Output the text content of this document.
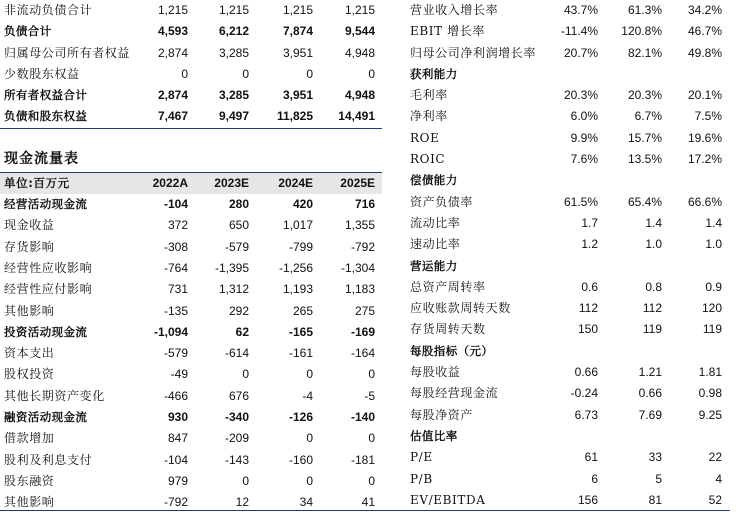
非流动负债合计	1,215	1,215	1,215	1,215
负债合计	4,593	6,212	7,874	9,544
归属母公司所有者权益	2,874	3,285	3,951	4,948
少数股东权益	0	0	0	0
所有者权益合计	2,874	3,285	3,951	4,948
负债和股东权益	7,467	9,497	11,825	14,491
现金流量表
单位:百万元	2022A	2023E	2024E	2025E
经营活动现金流	-104	280	420	716
现金收益	372	650	1,017	1,355
存货影响	-308	-579	-799	-792
经营性应收影响	-764	-1,395	-1,256	-1,304
经营性应付影响	731	1,312	1,193	1,183
其他影响	-135	292	265	275
投资活动现金流	-1,094	62	-165	-169
资本支出	-579	-614	-161	-164
股权投资	-49	0	0	0
其他长期资产变化	-466	676	-4	-5
融资活动现金流	930	-340	-126	-140
借款增加	847	-209	0	0
股利及利息支付	-104	-143	-160	-181
股东融资	979	0	0	0
其他影响	-792	12	34	41
营业收入增长率	43.7%	61.3%	34.2%
EBIT 增长率	-11.4%	120.8%	46.7%
归母公司净利润增长率	20.7%	82.1%	49.8%
获利能力
毛利率	20.3%	20.3%	20.1%
净利率	6.0%	6.7%	7.5%
ROE	9.9%	15.7%	19.6%
ROIC	7.6%	13.5%	17.2%
偿债能力
资产负债率	61.5%	65.4%	66.6%
流动比率	1.7	1.4	1.4
速动比率	1.2	1.0	1.0
营运能力
总资产周转率	0.6	0.8	0.9
应收账款周转天数	112	112	120
存货周转天数	150	119	119
每股指标（元）
每股收益	0.66	1.21	1.81
每股经营现金流	-0.24	0.66	0.98
每股净资产	6.73	7.69	9.25
估值比率
P/E	61	33	22
P/B	6	5	4
EV/EBITDA	156	81	52
